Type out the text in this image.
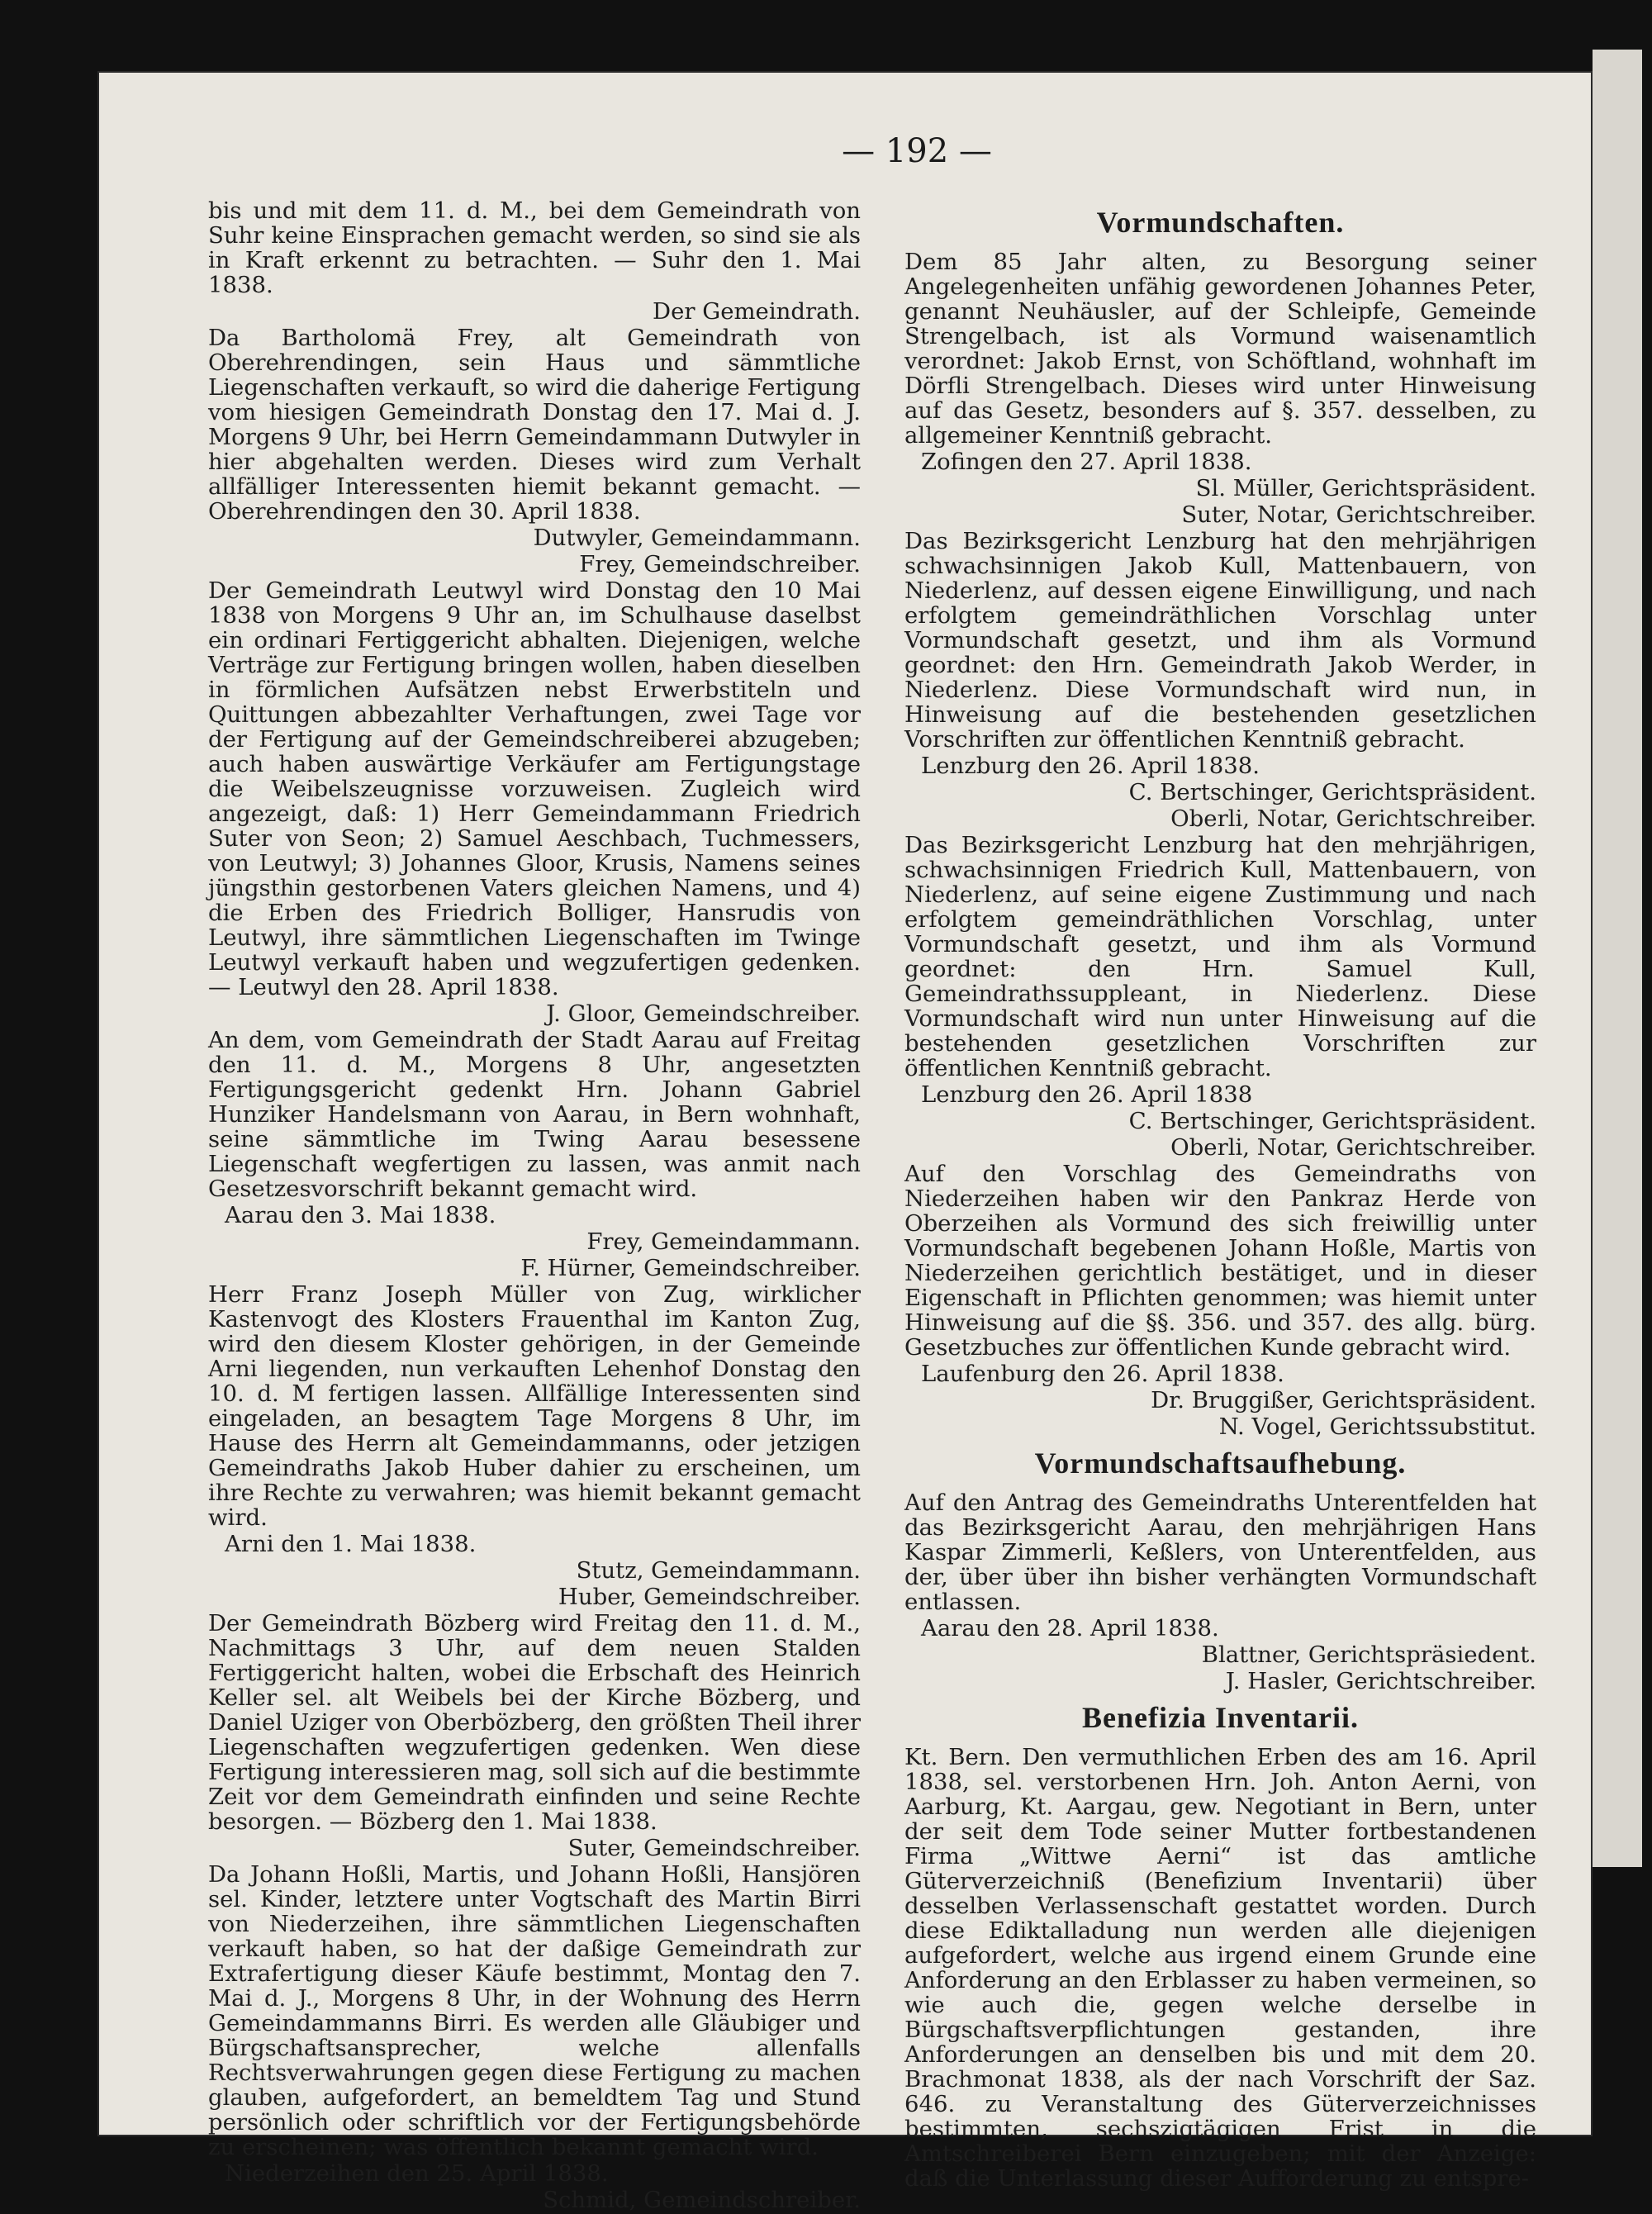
— 192 —

bis und mit dem 11. d. M., bei dem Gemeindrath von Suhr keine Einsprachen gemacht werden, so sind sie als in Kraft erkennt zu betrachten. — Suhr den 1. Mai 1838.

Der Gemeindrath.

Da Bartholomä Frey, alt Gemeindrath von Oberehrendingen, sein Haus und sämmtliche Liegenschaften verkauft, so wird die daherige Fertigung vom hiesigen Gemeindrath Donstag den 17. Mai d. J. Morgens 9 Uhr, bei Herrn Gemeindammann Dutwyler in hier abgehalten werden. Dieses wird zum Verhalt allfälliger Interessenten hiemit bekannt gemacht. — Oberehrendingen den 30. April 1838.

Dutwyler, Gemeindammann.

Frey, Gemeindschreiber.

Der Gemeindrath Leutwyl wird Donstag den 10 Mai 1838 von Morgens 9 Uhr an, im Schulhause daselbst ein ordinari Fertiggericht abhalten. Diejenigen, welche Verträge zur Fertigung bringen wollen, haben dieselben in förmlichen Aufsätzen nebst Erwerbstiteln und Quittungen abbezahlter Verhaftungen, zwei Tage vor der Fertigung auf der Gemeindschreiberei abzugeben; auch haben auswärtige Verkäufer am Fertigungstage die Weibelszeugnisse vorzuweisen. Zugleich wird angezeigt, daß: 1) Herr Gemeindammann Friedrich Suter von Seon; 2) Samuel Aeschbach, Tuchmessers, von Leutwyl; 3) Johannes Gloor, Krusis, Namens seines jüngsthin gestorbenen Vaters gleichen Namens, und 4) die Erben des Friedrich Bolliger, Hansrudis von Leutwyl, ihre sämmtlichen Liegenschaften im Twinge Leutwyl verkauft haben und wegzufertigen gedenken. — Leutwyl den 28. April 1838.

J. Gloor, Gemeindschreiber.

An dem, vom Gemeindrath der Stadt Aarau auf Freitag den 11. d. M., Morgens 8 Uhr, angesetzten Fertigungsgericht gedenkt Hrn. Johann Gabriel Hunziker Handelsmann von Aarau, in Bern wohnhaft, seine sämmtliche im Twing Aarau besessene Liegenschaft wegfertigen zu lassen, was anmit nach Gesetzesvorschrift bekannt gemacht wird.

Aarau den 3. Mai 1838.

Frey, Gemeindammann.

F. Hürner, Gemeindschreiber.

Herr Franz Joseph Müller von Zug, wirklicher Kastenvogt des Klosters Frauenthal im Kanton Zug, wird den diesem Kloster gehörigen, in der Gemeinde Arni liegenden, nun verkauften Lehenhof Donstag den 10. d. M fertigen lassen. Allfällige Interessenten sind eingeladen, an besagtem Tage Morgens 8 Uhr, im Hause des Herrn alt Gemeindammanns, oder jetzigen Gemeindraths Jakob Huber dahier zu erscheinen, um ihre Rechte zu verwahren; was hiemit bekannt gemacht wird.

Arni den 1. Mai 1838.

Stutz, Gemeindammann.

Huber, Gemeindschreiber.

Der Gemeindrath Bözberg wird Freitag den 11. d. M., Nachmittags 3 Uhr, auf dem neuen Stalden Fertiggericht halten, wobei die Erbschaft des Heinrich Keller sel. alt Weibels bei der Kirche Bözberg, und Daniel Uziger von Oberbözberg, den größten Theil ihrer Liegenschaften wegzufertigen gedenken. Wen diese Fertigung interessieren mag, soll sich auf die bestimmte Zeit vor dem Gemeindrath einfinden und seine Rechte besorgen. — Bözberg den 1. Mai 1838.

Suter, Gemeindschreiber.

Da Johann Hoßli, Martis, und Johann Hoßli, Hansjören sel. Kinder, letztere unter Vogtschaft des Martin Birri von Niederzeihen, ihre sämmtlichen Liegenschaften verkauft haben, so hat der daßige Gemeindrath zur Extrafertigung dieser Käufe bestimmt, Montag den 7. Mai d. J., Morgens 8 Uhr, in der Wohnung des Herrn Gemeindammanns Birri. Es werden alle Gläubiger und Bürgschaftsansprecher, welche allenfalls Rechtsverwahrungen gegen diese Fertigung zu machen glauben, aufgefordert, an bemeldtem Tag und Stund persönlich oder schriftlich vor der Fertigungsbehörde zu erscheinen; was öffentlich bekannt gemacht wird.

Niederzeihen den 25. April 1838.

Schmid, Gemeindschreiber.

Vormundschaften.

Dem 85 Jahr alten, zu Besorgung seiner Angelegenheiten unfähig gewordenen Johannes Peter, genannt Neuhäusler, auf der Schleipfe, Gemeinde Strengelbach, ist als Vormund waisenamtlich verordnet: Jakob Ernst, von Schöftland, wohnhaft im Dörfli Strengelbach. Dieses wird unter Hinweisung auf das Gesetz, besonders auf §. 357. desselben, zu allgemeiner Kenntniß gebracht.

Zofingen den 27. April 1838.

Sl. Müller, Gerichtspräsident.

Suter, Notar, Gerichtschreiber.

Das Bezirksgericht Lenzburg hat den mehrjährigen schwachsinnigen Jakob Kull, Mattenbauern, von Niederlenz, auf dessen eigene Einwilligung, und nach erfolgtem gemeindräthlichen Vorschlag unter Vormundschaft gesetzt, und ihm als Vormund geordnet: den Hrn. Gemeindrath Jakob Werder, in Niederlenz. Diese Vormundschaft wird nun, in Hinweisung auf die bestehenden gesetzlichen Vorschriften zur öffentlichen Kenntniß gebracht.

Lenzburg den 26. April 1838.

C. Bertschinger, Gerichtspräsident.

Oberli, Notar, Gerichtschreiber.

Das Bezirksgericht Lenzburg hat den mehrjährigen, schwachsinnigen Friedrich Kull, Mattenbauern, von Niederlenz, auf seine eigene Zustimmung und nach erfolgtem gemeindräthlichen Vorschlag, unter Vormundschaft gesetzt, und ihm als Vormund geordnet: den Hrn. Samuel Kull, Gemeindrathssuppleant, in Niederlenz. Diese Vormundschaft wird nun unter Hinweisung auf die bestehenden gesetzlichen Vorschriften zur öffentlichen Kenntniß gebracht.

Lenzburg den 26. April 1838

C. Bertschinger, Gerichtspräsident.

Oberli, Notar, Gerichtschreiber.

Auf den Vorschlag des Gemeindraths von Niederzeihen haben wir den Pankraz Herde von Oberzeihen als Vormund des sich freiwillig unter Vormundschaft begebenen Johann Hoßle, Martis von Niederzeihen gerichtlich bestätiget, und in dieser Eigenschaft in Pflichten genommen; was hiemit unter Hinweisung auf die §§. 356. und 357. des allg. bürg. Gesetzbuches zur öffentlichen Kunde gebracht wird.

Laufenburg den 26. April 1838.

Dr. Bruggißer, Gerichtspräsident.

N. Vogel, Gerichtssubstitut.

Vormundschaftsaufhebung.

Auf den Antrag des Gemeindraths Unterentfelden hat das Bezirksgericht Aarau, den mehrjährigen Hans Kaspar Zimmerli, Keßlers, von Unterentfelden, aus der, über über ihn bisher verhängten Vormundschaft entlassen.

Aarau den 28. April 1838.

Blattner, Gerichtspräsiedent.

J. Hasler, Gerichtschreiber.

Benefizia Inventarii.

Kt. Bern. Den vermuthlichen Erben des am 16. April 1838, sel. verstorbenen Hrn. Joh. Anton Aerni, von Aarburg, Kt. Aargau, gew. Negotiant in Bern, unter der seit dem Tode seiner Mutter fortbestandenen Firma „Wittwe Aerni“ ist das amtliche Güterverzeichniß (Benefizium Inventarii) über desselben Verlassenschaft gestattet worden. Durch diese Ediktalladung nun werden alle diejenigen aufgefordert, welche aus irgend einem Grunde eine Anforderung an den Erblasser zu haben vermeinen, so wie auch die, gegen welche derselbe in Bürgschaftsverpflichtungen gestanden, ihre Anforderungen an denselben bis und mit dem 20. Brachmonat 1838, als der nach Vorschrift der Saz. 646. zu Veranstaltung des Güterverzeichnisses bestimmten, sechszigtägigen Frist in die Amtschreiberei Bern einzugeben; mit der Anzeige: daß die Unterlassung dieser Aufforderung zu entspre-
